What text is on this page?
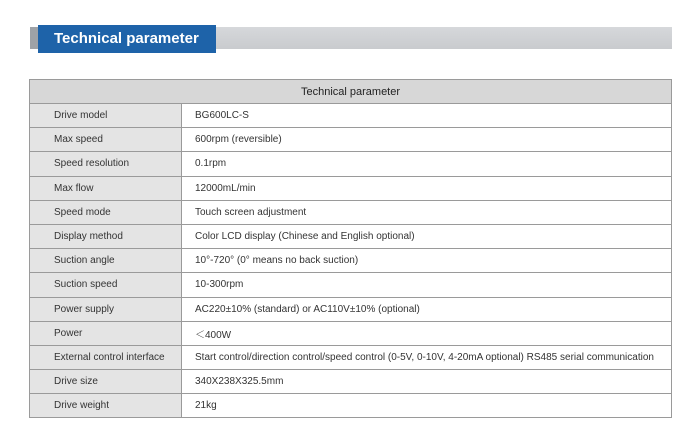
Technical parameter
Technical parameter	
Drive model	BG600LC-S
Max speed	600rpm (reversible)
Speed resolution	0.1rpm
Max flow	12000mL/min
Speed mode	Touch screen adjustment
Display method	Color LCD display (Chinese and English optional)
Suction angle	10°-720° (0° means no back suction)
Suction speed	10-300rpm
Power supply	AC220±10% (standard) or AC110V±10% (optional)
Power	＜400W
External control interface	Start control/direction control/speed control (0-5V, 0-10V, 4-20mA optional) RS485 serial communication
Drive size	340X238X325.5mm
Drive weight	21kg
